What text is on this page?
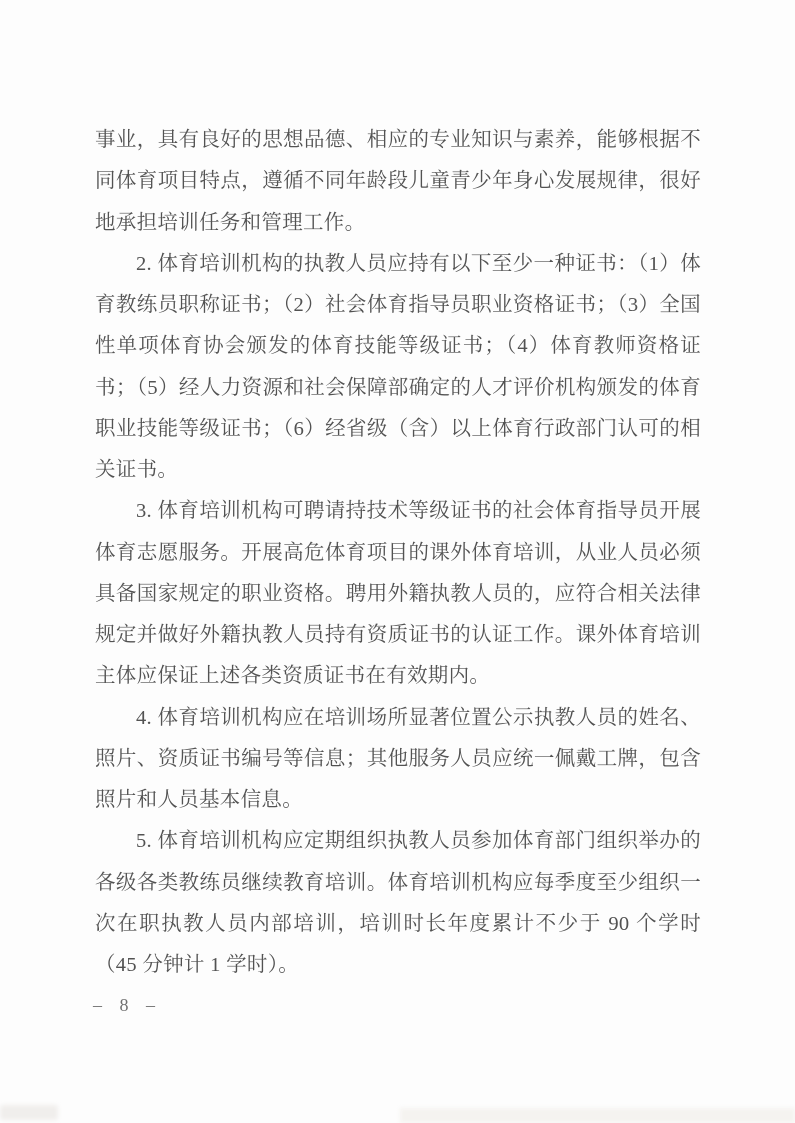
事业，具有良好的思想品德、相应的专业知识与素养，能够根据不同体育项目特点，遵循不同年龄段儿童青少年身心发展规律，很好地承担培训任务和管理工作。

2. 体育培训机构的执教人员应持有以下至少一种证书：（1）体育教练员职称证书；（2）社会体育指导员职业资格证书；（3）全国性单项体育协会颁发的体育技能等级证书；（4）体育教师资格证书；（5）经人力资源和社会保障部确定的人才评价机构颁发的体育职业技能等级证书；（6）经省级（含）以上体育行政部门认可的相关证书。

3. 体育培训机构可聘请持技术等级证书的社会体育指导员开展体育志愿服务。开展高危体育项目的课外体育培训，从业人员必须具备国家规定的职业资格。聘用外籍执教人员的，应符合相关法律规定并做好外籍执教人员持有资质证书的认证工作。课外体育培训主体应保证上述各类资质证书在有效期内。

4. 体育培训机构应在培训场所显著位置公示执教人员的姓名、照片、资质证书编号等信息；其他服务人员应统一佩戴工牌，包含照片和人员基本信息。

5. 体育培训机构应定期组织执教人员参加体育部门组织举办的各级各类教练员继续教育培训。体育培训机构应每季度至少组织一次在职执教人员内部培训，培训时长年度累计不少于 90 个学时（45 分钟计 1 学时）。

– 8 –
